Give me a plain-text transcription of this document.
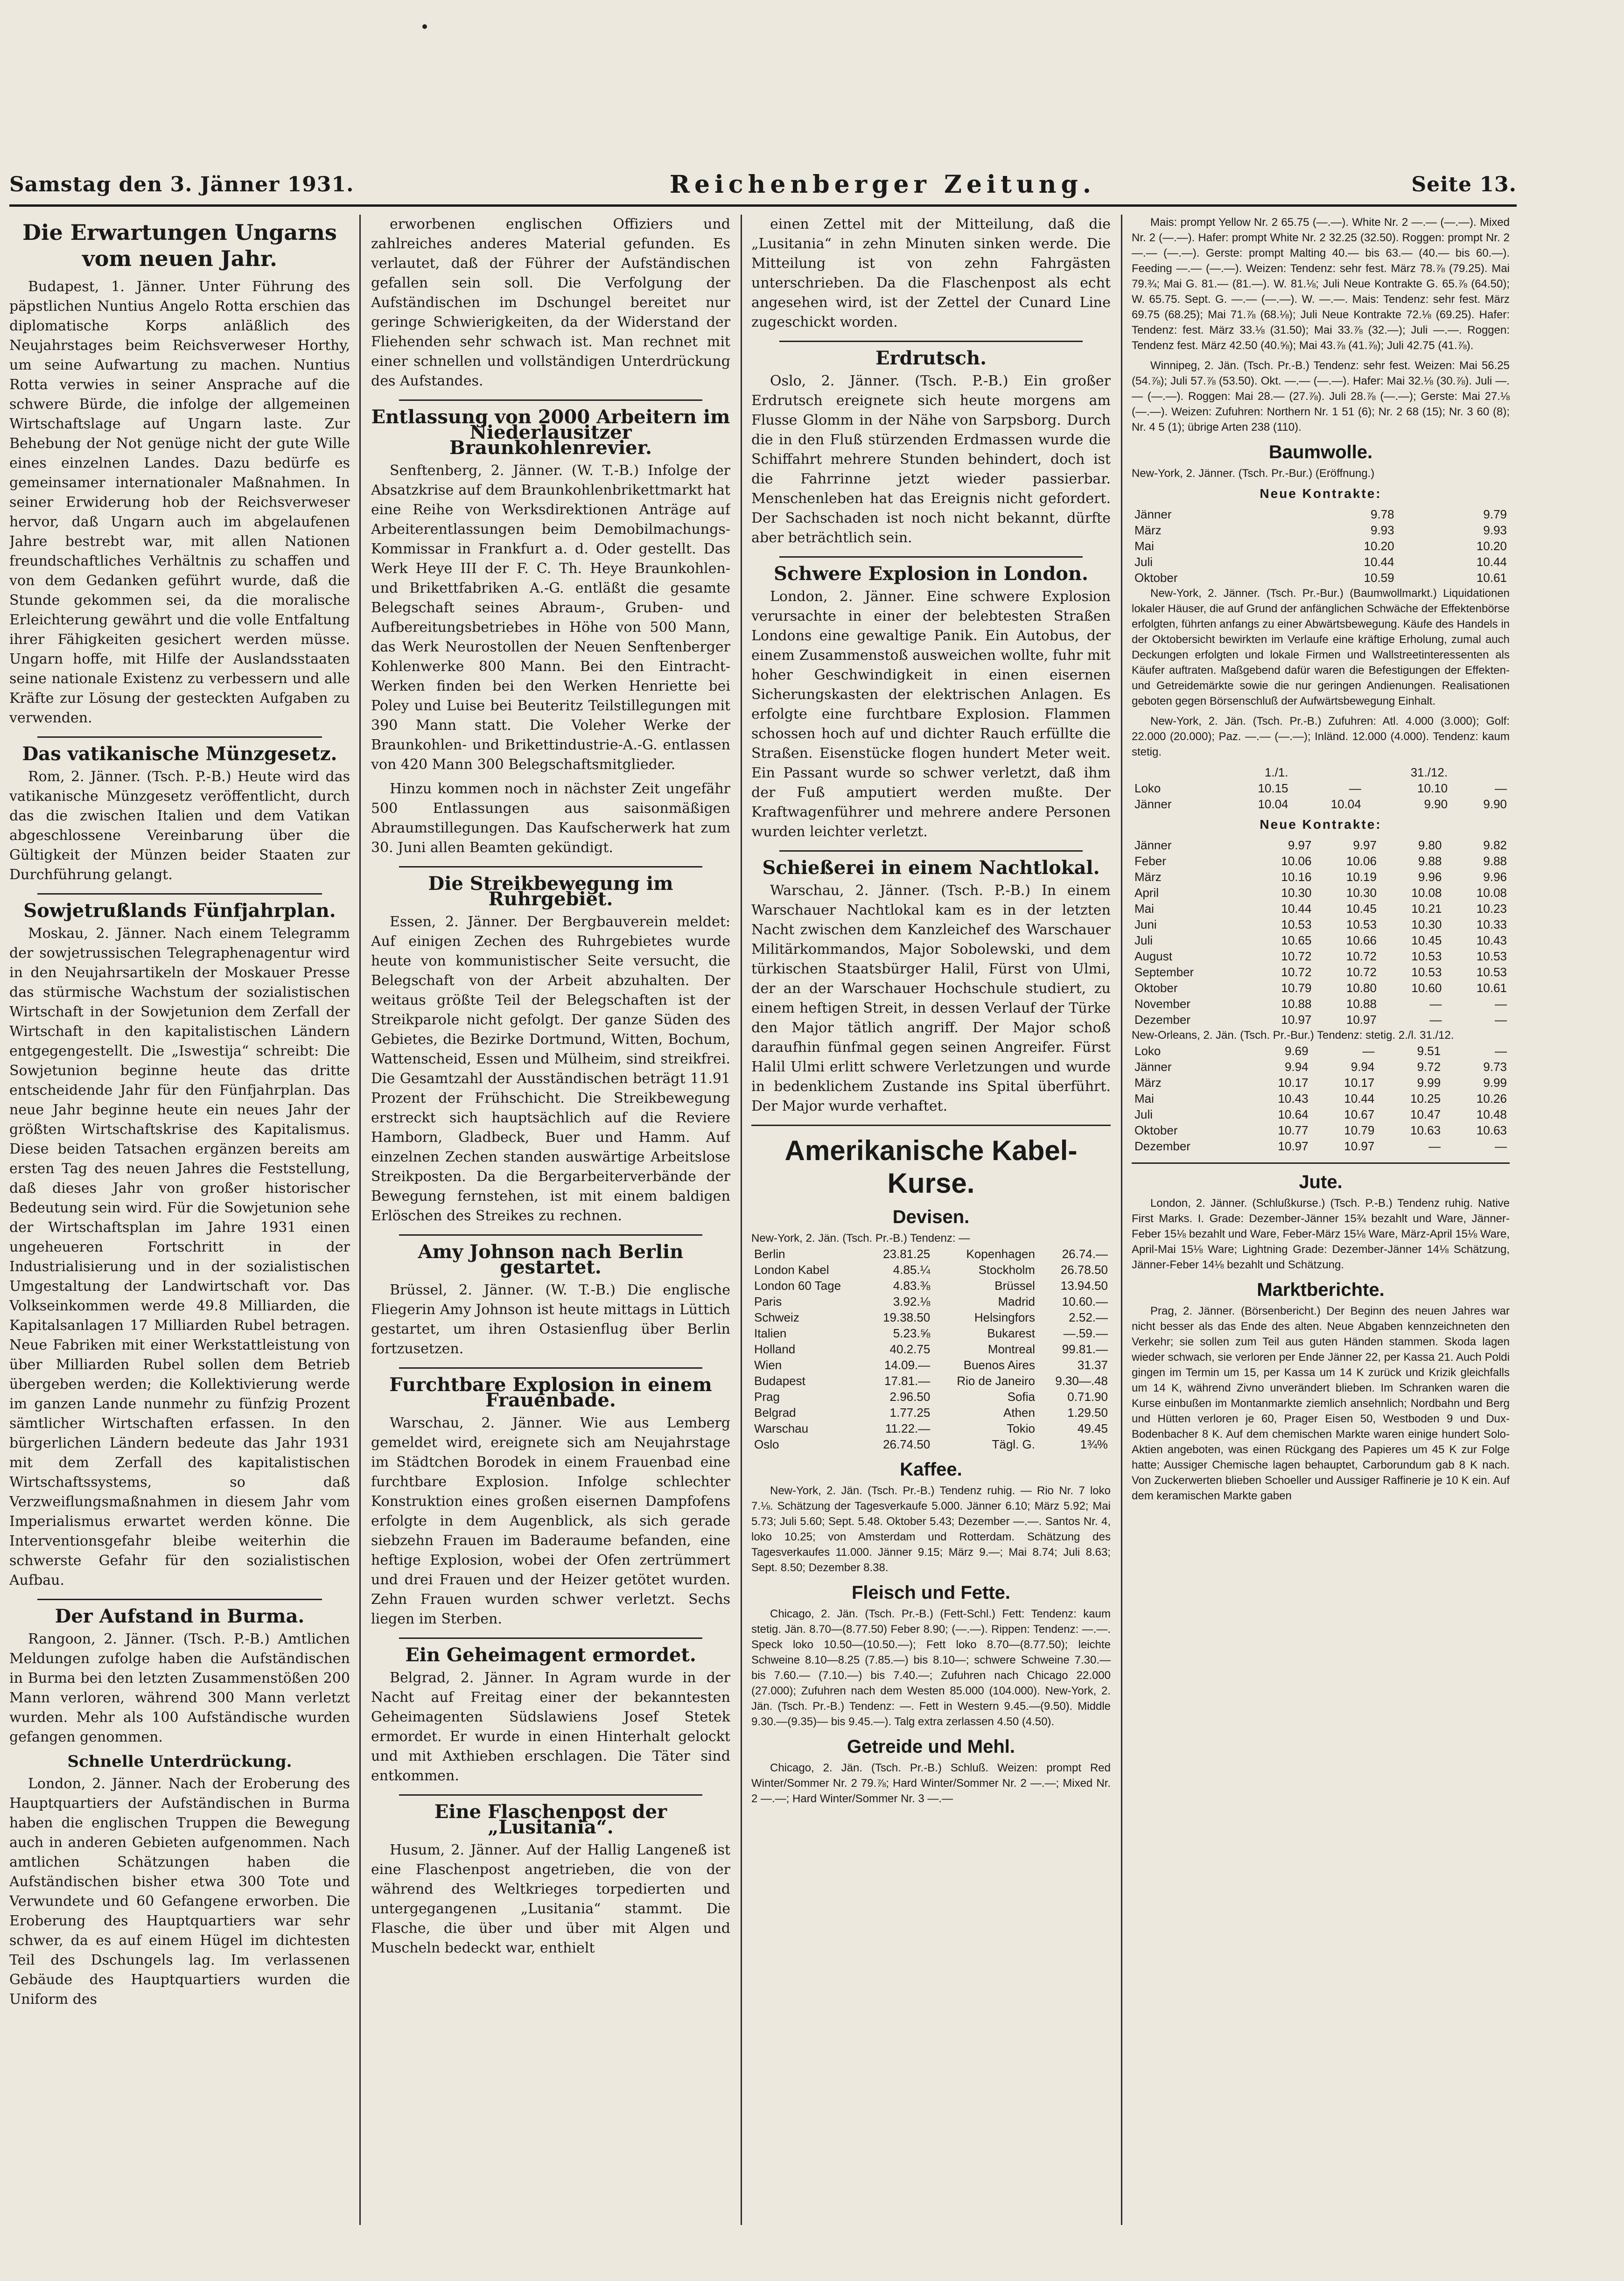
Samstag den 3. Jänner 1931.	Reichenberger Zeitung.	Seite 13.
Die Erwartungen Ungarns vom neuen Jahr.

Budapest, 1. Jänner. Unter Führung des päpstlichen Nuntius Angelo Rotta erschien das diplomatische Korps anläßlich des Neujahrstages beim Reichsverweser Horthy, um seine Aufwartung zu machen. Nuntius Rotta verwies in seiner Ansprache auf die schwere Bürde, die infolge der allgemeinen Wirtschaftslage auf Ungarn laste. Zur Behebung der Not genüge nicht der gute Wille eines einzelnen Landes. Dazu bedürfe es gemeinsamer internationaler Maßnahmen. In seiner Erwiderung hob der Reichsverweser hervor, daß Ungarn auch im abgelaufenen Jahre bestrebt war, mit allen Nationen freundschaftliches Verhältnis zu schaffen und von dem Gedanken geführt wurde, daß die Stunde gekommen sei, da die moralische Erleichterung gewährt und die volle Entfaltung ihrer Fähigkeiten gesichert werden müsse. Ungarn hoffe, mit Hilfe der Auslandsstaaten seine nationale Existenz zu verbessern und alle Kräfte zur Lösung der gesteckten Aufgaben zu verwenden.

Das vatikanische Münzgesetz.

Rom, 2. Jänner. (Tsch. P.-B.) Heute wird das vatikanische Münzgesetz veröffentlicht, durch das die zwischen Italien und dem Vatikan abgeschlossene Vereinbarung über die Gültigkeit der Münzen beider Staaten zur Durchführung gelangt.

Sowjetrußlands Fünfjahrplan.

Moskau, 2. Jänner. Nach einem Telegramm der sowjetrussischen Telegraphenagentur wird in den Neujahrsartikeln der Moskauer Presse das stürmische Wachstum der sozialistischen Wirtschaft in der Sowjetunion dem Zerfall der Wirtschaft in den kapitalistischen Ländern entgegengestellt. Die „Iswestija“ schreibt: Die Sowjetunion beginne heute das dritte entscheidende Jahr für den Fünfjahrplan. Das neue Jahr beginne heute ein neues Jahr der größten Wirtschaftskrise des Kapitalismus. Diese beiden Tatsachen ergänzen bereits am ersten Tag des neuen Jahres die Feststellung, daß dieses Jahr von großer historischer Bedeutung sein wird. Für die Sowjetunion sehe der Wirtschaftsplan im Jahre 1931 einen ungeheueren Fortschritt in der Industrialisierung und in der sozialistischen Umgestaltung der Landwirtschaft vor. Das Volkseinkommen werde 49.8 Milliarden, die Kapitalsanlagen 17 Milliarden Rubel betragen. Neue Fabriken mit einer Werkstattleistung von über Milliarden Rubel sollen dem Betrieb übergeben werden; die Kollektivierung werde im ganzen Lande nunmehr zu fünfzig Prozent sämtlicher Wirtschaften erfassen. In den bürgerlichen Ländern bedeute das Jahr 1931 mit dem Zerfall des kapitalistischen Wirtschaftssystems, so daß Verzweiflungsmaßnahmen in diesem Jahr vom Imperialismus erwartet werden könne. Die Interventionsgefahr bleibe weiterhin die schwerste Gefahr für den sozialistischen Aufbau.

Der Aufstand in Burma.

Rangoon, 2. Jänner. (Tsch. P.-B.) Amtlichen Meldungen zufolge haben die Aufständischen in Burma bei den letzten Zusammenstößen 200 Mann verloren, während 300 Mann verletzt wurden. Mehr als 100 Aufständische wurden gefangen genommen.

Schnelle Unterdrückung.

London, 2. Jänner. Nach der Eroberung des Hauptquartiers der Aufständischen in Burma haben die englischen Truppen die Bewegung auch in anderen Gebieten aufgenommen. Nach amtlichen Schätzungen haben die Aufständischen bisher etwa 300 Tote und Verwundete und 60 Gefangene erworben. Die Eroberung des Hauptquartiers war sehr schwer, da es auf einem Hügel im dichtesten Teil des Dschungels lag. Im verlassenen Gebäude des Hauptquartiers wurden die Uniform des

erworbenen englischen Offiziers und zahlreiches anderes Material gefunden. Es verlautet, daß der Führer der Aufständischen gefallen sein soll. Die Verfolgung der Aufständischen im Dschungel bereitet nur geringe Schwierigkeiten, da der Widerstand der Fliehenden sehr schwach ist. Man rechnet mit einer schnellen und vollständigen Unterdrückung des Aufstandes.

Entlassung von 2000 Arbeitern im Niederlausitzer Braunkohlenrevier.

Senftenberg, 2. Jänner. (W. T.-B.) Infolge der Absatzkrise auf dem Braunkohlenbrikettmarkt hat eine Reihe von Werksdirektionen Anträge auf Arbeiterentlassungen beim Demobilmachungs-Kommissar in Frankfurt a. d. Oder gestellt. Das Werk Heye III der F. C. Th. Heye Braunkohlen- und Brikettfabriken A.-G. entläßt die gesamte Belegschaft seines Abraum-, Gruben- und Aufbereitungsbetriebes in Höhe von 500 Mann, das Werk Neurostollen der Neuen Senftenberger Kohlenwerke 800 Mann. Bei den Eintracht-Werken finden bei den Werken Henriette bei Poley und Luise bei Beuteritz Teilstillegungen mit 390 Mann statt. Die Voleher Werke der Braunkohlen- und Brikettindustrie-A.-G. entlassen von 420 Mann 300 Belegschaftsmitglieder.

Hinzu kommen noch in nächster Zeit ungefähr 500 Entlassungen aus saisonmäßigen Abraumstillegungen. Das Kaufscherwerk hat zum 30. Juni allen Beamten gekündigt.

Die Streikbewegung im Ruhrgebiet.

Essen, 2. Jänner. Der Bergbauverein meldet: Auf einigen Zechen des Ruhrgebietes wurde heute von kommunistischer Seite versucht, die Belegschaft von der Arbeit abzuhalten. Der weitaus größte Teil der Belegschaften ist der Streikparole nicht gefolgt. Der ganze Süden des Gebietes, die Bezirke Dortmund, Witten, Bochum, Wattenscheid, Essen und Mülheim, sind streikfrei. Die Gesamtzahl der Ausständischen beträgt 11.91 Prozent der Frühschicht. Die Streikbewegung erstreckt sich hauptsächlich auf die Reviere Hamborn, Gladbeck, Buer und Hamm. Auf einzelnen Zechen standen auswärtige Arbeitslose Streikposten. Da die Bergarbeiterverbände der Bewegung fernstehen, ist mit einem baldigen Erlöschen des Streikes zu rechnen.

Amy Johnson nach Berlin gestartet.

Brüssel, 2. Jänner. (W. T.-B.) Die englische Fliegerin Amy Johnson ist heute mittags in Lüttich gestartet, um ihren Ostasienflug über Berlin fortzusetzen.

Furchtbare Explosion in einem Frauenbade.

Warschau, 2. Jänner. Wie aus Lemberg gemeldet wird, ereignete sich am Neujahrstage im Städtchen Borodek in einem Frauenbad eine furchtbare Explosion. Infolge schlechter Konstruktion eines großen eisernen Dampfofens erfolgte in dem Augenblick, als sich gerade siebzehn Frauen im Baderaume befanden, eine heftige Explosion, wobei der Ofen zertrümmert und drei Frauen und der Heizer getötet wurden. Zehn Frauen wurden schwer verletzt. Sechs liegen im Sterben.

Ein Geheimagent ermordet.

Belgrad, 2. Jänner. In Agram wurde in der Nacht auf Freitag einer der bekanntesten Geheimagenten Südslawiens Josef Stetek ermordet. Er wurde in einen Hinterhalt gelockt und mit Axthieben erschlagen. Die Täter sind entkommen.

Eine Flaschenpost der „Lusitania“.

Husum, 2. Jänner. Auf der Hallig Langeneß ist eine Flaschenpost angetrieben, die von der während des Weltkrieges torpedierten und untergegangenen „Lusitania“ stammt. Die Flasche, die über und über mit Algen und Muscheln bedeckt war, enthielt

einen Zettel mit der Mitteilung, daß die „Lusitania“ in zehn Minuten sinken werde. Die Mitteilung ist von zehn Fahrgästen unterschrieben. Da die Flaschenpost als echt angesehen wird, ist der Zettel der Cunard Line zugeschickt worden.

Erdrutsch.

Oslo, 2. Jänner. (Tsch. P.-B.) Ein großer Erdrutsch ereignete sich heute morgens am Flusse Glomm in der Nähe von Sarpsborg. Durch die in den Fluß stürzenden Erdmassen wurde die Schiffahrt mehrere Stunden behindert, doch ist die Fahrrinne jetzt wieder passierbar. Menschenleben hat das Ereignis nicht gefordert. Der Sachschaden ist noch nicht bekannt, dürfte aber beträchtlich sein.

Schwere Explosion in London.

London, 2. Jänner. Eine schwere Explosion verursachte in einer der belebtesten Straßen Londons eine gewaltige Panik. Ein Autobus, der einem Zusammenstoß ausweichen wollte, fuhr mit hoher Geschwindigkeit in einen eisernen Sicherungskasten der elektrischen Anlagen. Es erfolgte eine furchtbare Explosion. Flammen schossen hoch auf und dichter Rauch erfüllte die Straßen. Eisenstücke flogen hundert Meter weit. Ein Passant wurde so schwer verletzt, daß ihm der Fuß amputiert werden mußte. Der Kraftwagenführer und mehrere andere Personen wurden leichter verletzt.

Schießerei in einem Nachtlokal.

Warschau, 2. Jänner. (Tsch. P.-B.) In einem Warschauer Nachtlokal kam es in der letzten Nacht zwischen dem Kanzleichef des Warschauer Militärkommandos, Major Sobolewski, und dem türkischen Staatsbürger Halil, Fürst von Ulmi, der an der Warschauer Hochschule studiert, zu einem heftigen Streit, in dessen Verlauf der Türke den Major tätlich angriff. Der Major schoß daraufhin fünfmal gegen seinen Angreifer. Fürst Halil Ulmi erlitt schwere Verletzungen und wurde in bedenklichem Zustande ins Spital überführt. Der Major wurde verhaftet.

Amerikanische Kabel-Kurse.
Devisen.
New-York, 2. Jän. (Tsch. Pr.-B.) Tendenz: —
Berlin	23.81.25	Kopenhagen	26.74.—
London Kabel	4.85.¼	Stockholm	26.78.50
London 60 Tage	4.83.⅜	Brüssel	13.94.50
Paris	3.92.⅛	Madrid	10.60.—
Schweiz	19.38.50	Helsingfors	2.52.—
Italien	5.23.⅝	Bukarest	—.59.—
Holland	40.2.75	Montreal	99.81.—
Wien	14.09.—	Buenos Aires	31.37
Budapest	17.81.—	Rio de Janeiro	9.30—.48
Prag	2.96.50	Sofia	0.71.90
Belgrad	1.77.25	Athen	1.29.50
Warschau	11.22.—	Tokio	49.45
Oslo	26.74.50	Tägl. G.	1¾%
Kaffee.

New-York, 2. Jän. (Tsch. Pr.-B.) Tendenz ruhig. — Rio Nr. 7 loko 7.⅛. Schätzung der Tagesverkaufe 5.000. Jänner 6.10; März 5.92; Mai 5.73; Juli 5.60; Sept. 5.48. Oktober 5.43; Dezember —.—. Santos Nr. 4, loko 10.25; von Amsterdam und Rotterdam. Schätzung des Tagesverkaufes 11.000. Jänner 9.15; März 9.—; Mai 8.74; Juli 8.63; Sept. 8.50; Dezember 8.38.

Fleisch und Fette.

Chicago, 2. Jän. (Tsch. Pr.-B.) (Fett-Schl.) Fett: Tendenz: kaum stetig. Jän. 8.70—(8.77.50) Feber 8.90; (—.—). Rippen: Tendenz: —.—. Speck loko 10.50—(10.50.—); Fett loko 8.70—(8.77.50); leichte Schweine 8.10—8.25 (7.85.—) bis 8.10—; schwere Schweine 7.30.— bis 7.60.— (7.10.—) bis 7.40.—; Zufuhren nach Chicago 22.000 (27.000); Zufuhren nach dem Westen 85.000 (104.000). New-York, 2. Jän. (Tsch. Pr.-B.) Tendenz: —. Fett in Western 9.45.—(9.50). Middle 9.30.—(9.35)— bis 9.45.—). Talg extra zerlassen 4.50 (4.50).

Getreide und Mehl.

Chicago, 2. Jän. (Tsch. Pr.-B.) Schluß. Weizen: prompt Red Winter/Sommer Nr. 2 79.⅞; Hard Winter/Sommer Nr. 2 —.—; Mixed Nr. 2 —.—; Hard Winter/Sommer Nr. 3 —.—

Mais: prompt Yellow Nr. 2 65.75 (—.—). White Nr. 2 —.— (—.—). Mixed Nr. 2 (—.—). Hafer: prompt White Nr. 2 32.25 (32.50). Roggen: prompt Nr. 2 —.— (—.—). Gerste: prompt Malting 40.— bis 63.— (40.— bis 60.—). Feeding —.— (—.—). Weizen: Tendenz: sehr fest. März 78.⅞ (79.25). Mai 79.¾; Mai G. 81.— (81.—). W. 81.⅛; Juli Neue Kontrakte G. 65.⅞ (64.50); W. 65.75. Sept. G. —.— (—.—). W. —.—. Mais: Tendenz: sehr fest. März 69.75 (68.25); Mai 71.⅞ (68.⅛); Juli Neue Kontrakte 72.⅛ (69.25). Hafer: Tendenz: fest. März 33.⅛ (31.50); Mai 33.⅞ (32.—); Juli —.—. Roggen: Tendenz fest. März 42.50 (40.⅝); Mai 43.⅞ (41.⅞); Juli 42.75 (41.⅞).

Winnipeg, 2. Jän. (Tsch. Pr.-B.) Tendenz: sehr fest. Weizen: Mai 56.25 (54.⅞); Juli 57.⅞ (53.50). Okt. —.— (—.—). Hafer: Mai 32.⅛ (30.⅞). Juli —.— (—.—). Roggen: Mai 28.— (27.⅞). Juli 28.⅞ (—.—); Gerste: Mai 27.⅛ (—.—). Weizen: Zufuhren: Northern Nr. 1 51 (6); Nr. 2 68 (15); Nr. 3 60 (8); Nr. 4 5 (1); übrige Arten 238 (110).

Baumwolle.
New-York, 2. Jänner. (Tsch. Pr.-Bur.) (Eröffnung.)
Neue Kontrakte:
Jänner	9.78	9.79
März	9.93	9.93
Mai	10.20	10.20
Juli	10.44	10.44
Oktober	10.59	10.61

New-York, 2. Jänner. (Tsch. Pr.-Bur.) (Baumwollmarkt.) Liquidationen lokaler Häuser, die auf Grund der anfänglichen Schwäche der Effektenbörse erfolgten, führten anfangs zu einer Abwärtsbewegung. Käufe des Handels in der Oktobersicht bewirkten im Verlaufe eine kräftige Erholung, zumal auch Deckungen erfolgten und lokale Firmen und Wallstreetinteressenten als Käufer auftraten. Maßgebend dafür waren die Befestigungen der Effekten- und Getreidemärkte sowie die nur geringen Andienungen. Realisationen geboten gegen Börsenschluß der Aufwärtsbewegung Einhalt.

New-York, 2. Jän. (Tsch. Pr.-B.) Zufuhren: Atl. 4.000 (3.000); Golf: 22.000 (20.000); Paz. —.— (—.—); Inländ. 12.000 (4.000). Tendenz: kaum stetig.

	1./1.		31./12.	
Loko	10.15	—	10.10	—
Jänner	10.04	10.04	9.90	9.90
Neue Kontrakte:
Jänner	9.97	9.97	9.80	9.82
Feber	10.06	10.06	9.88	9.88
März	10.16	10.19	9.96	9.96
April	10.30	10.30	10.08	10.08
Mai	10.44	10.45	10.21	10.23
Juni	10.53	10.53	10.30	10.33
Juli	10.65	10.66	10.45	10.43
August	10.72	10.72	10.53	10.53
September	10.72	10.72	10.53	10.53
Oktober	10.79	10.80	10.60	10.61
November	10.88	10.88	—	—
Dezember	10.97	10.97	—	—
New-Orleans, 2. Jän. (Tsch. Pr.-Bur.) Tendenz: stetig. 2./l. 31./12.
Loko	9.69	—	9.51	—
Jänner	9.94	9.94	9.72	9.73
März	10.17	10.17	9.99	9.99
Mai	10.43	10.44	10.25	10.26
Juli	10.64	10.67	10.47	10.48
Oktober	10.77	10.79	10.63	10.63
Dezember	10.97	10.97	—	—
Jute.

London, 2. Jänner. (Schlußkurse.) (Tsch. P.-B.) Tendenz ruhig. Native First Marks. I. Grade: Dezember-Jänner 15¾ bezahlt und Ware, Jänner-Feber 15⅛ bezahlt und Ware, Feber-März 15⅛ Ware, März-April 15⅛ Ware, April-Mai 15⅛ Ware; Lightning Grade: Dezember-Jänner 14⅛ Schätzung, Jänner-Feber 14⅛ bezahlt und Schätzung.

Marktberichte.

Prag, 2. Jänner. (Börsenbericht.) Der Beginn des neuen Jahres war nicht besser als das Ende des alten. Neue Abgaben kennzeichneten den Verkehr; sie sollen zum Teil aus guten Händen stammen. Skoda lagen wieder schwach, sie verloren per Ende Jänner 22, per Kassa 21. Auch Poldi gingen im Termin um 15, per Kassa um 14 K zurück und Krizik gleichfalls um 14 K, während Zivno unverändert blieben. Im Schranken waren die Kurse einbußen im Montanmarkte ziemlich ansehnlich; Nordbahn und Berg und Hütten verloren je 60, Prager Eisen 50, Westboden 9 und Dux-Bodenbacher 8 K. Auf dem chemischen Markte waren einige hundert Solo-Aktien angeboten, was einen Rückgang des Papieres um 45 K zur Folge hatte; Aussiger Chemische lagen behauptet, Carborundum gab 8 K nach. Von Zuckerwerten blieben Schoeller und Aussiger Raffinerie je 10 K ein. Auf dem keramischen Markte gaben
